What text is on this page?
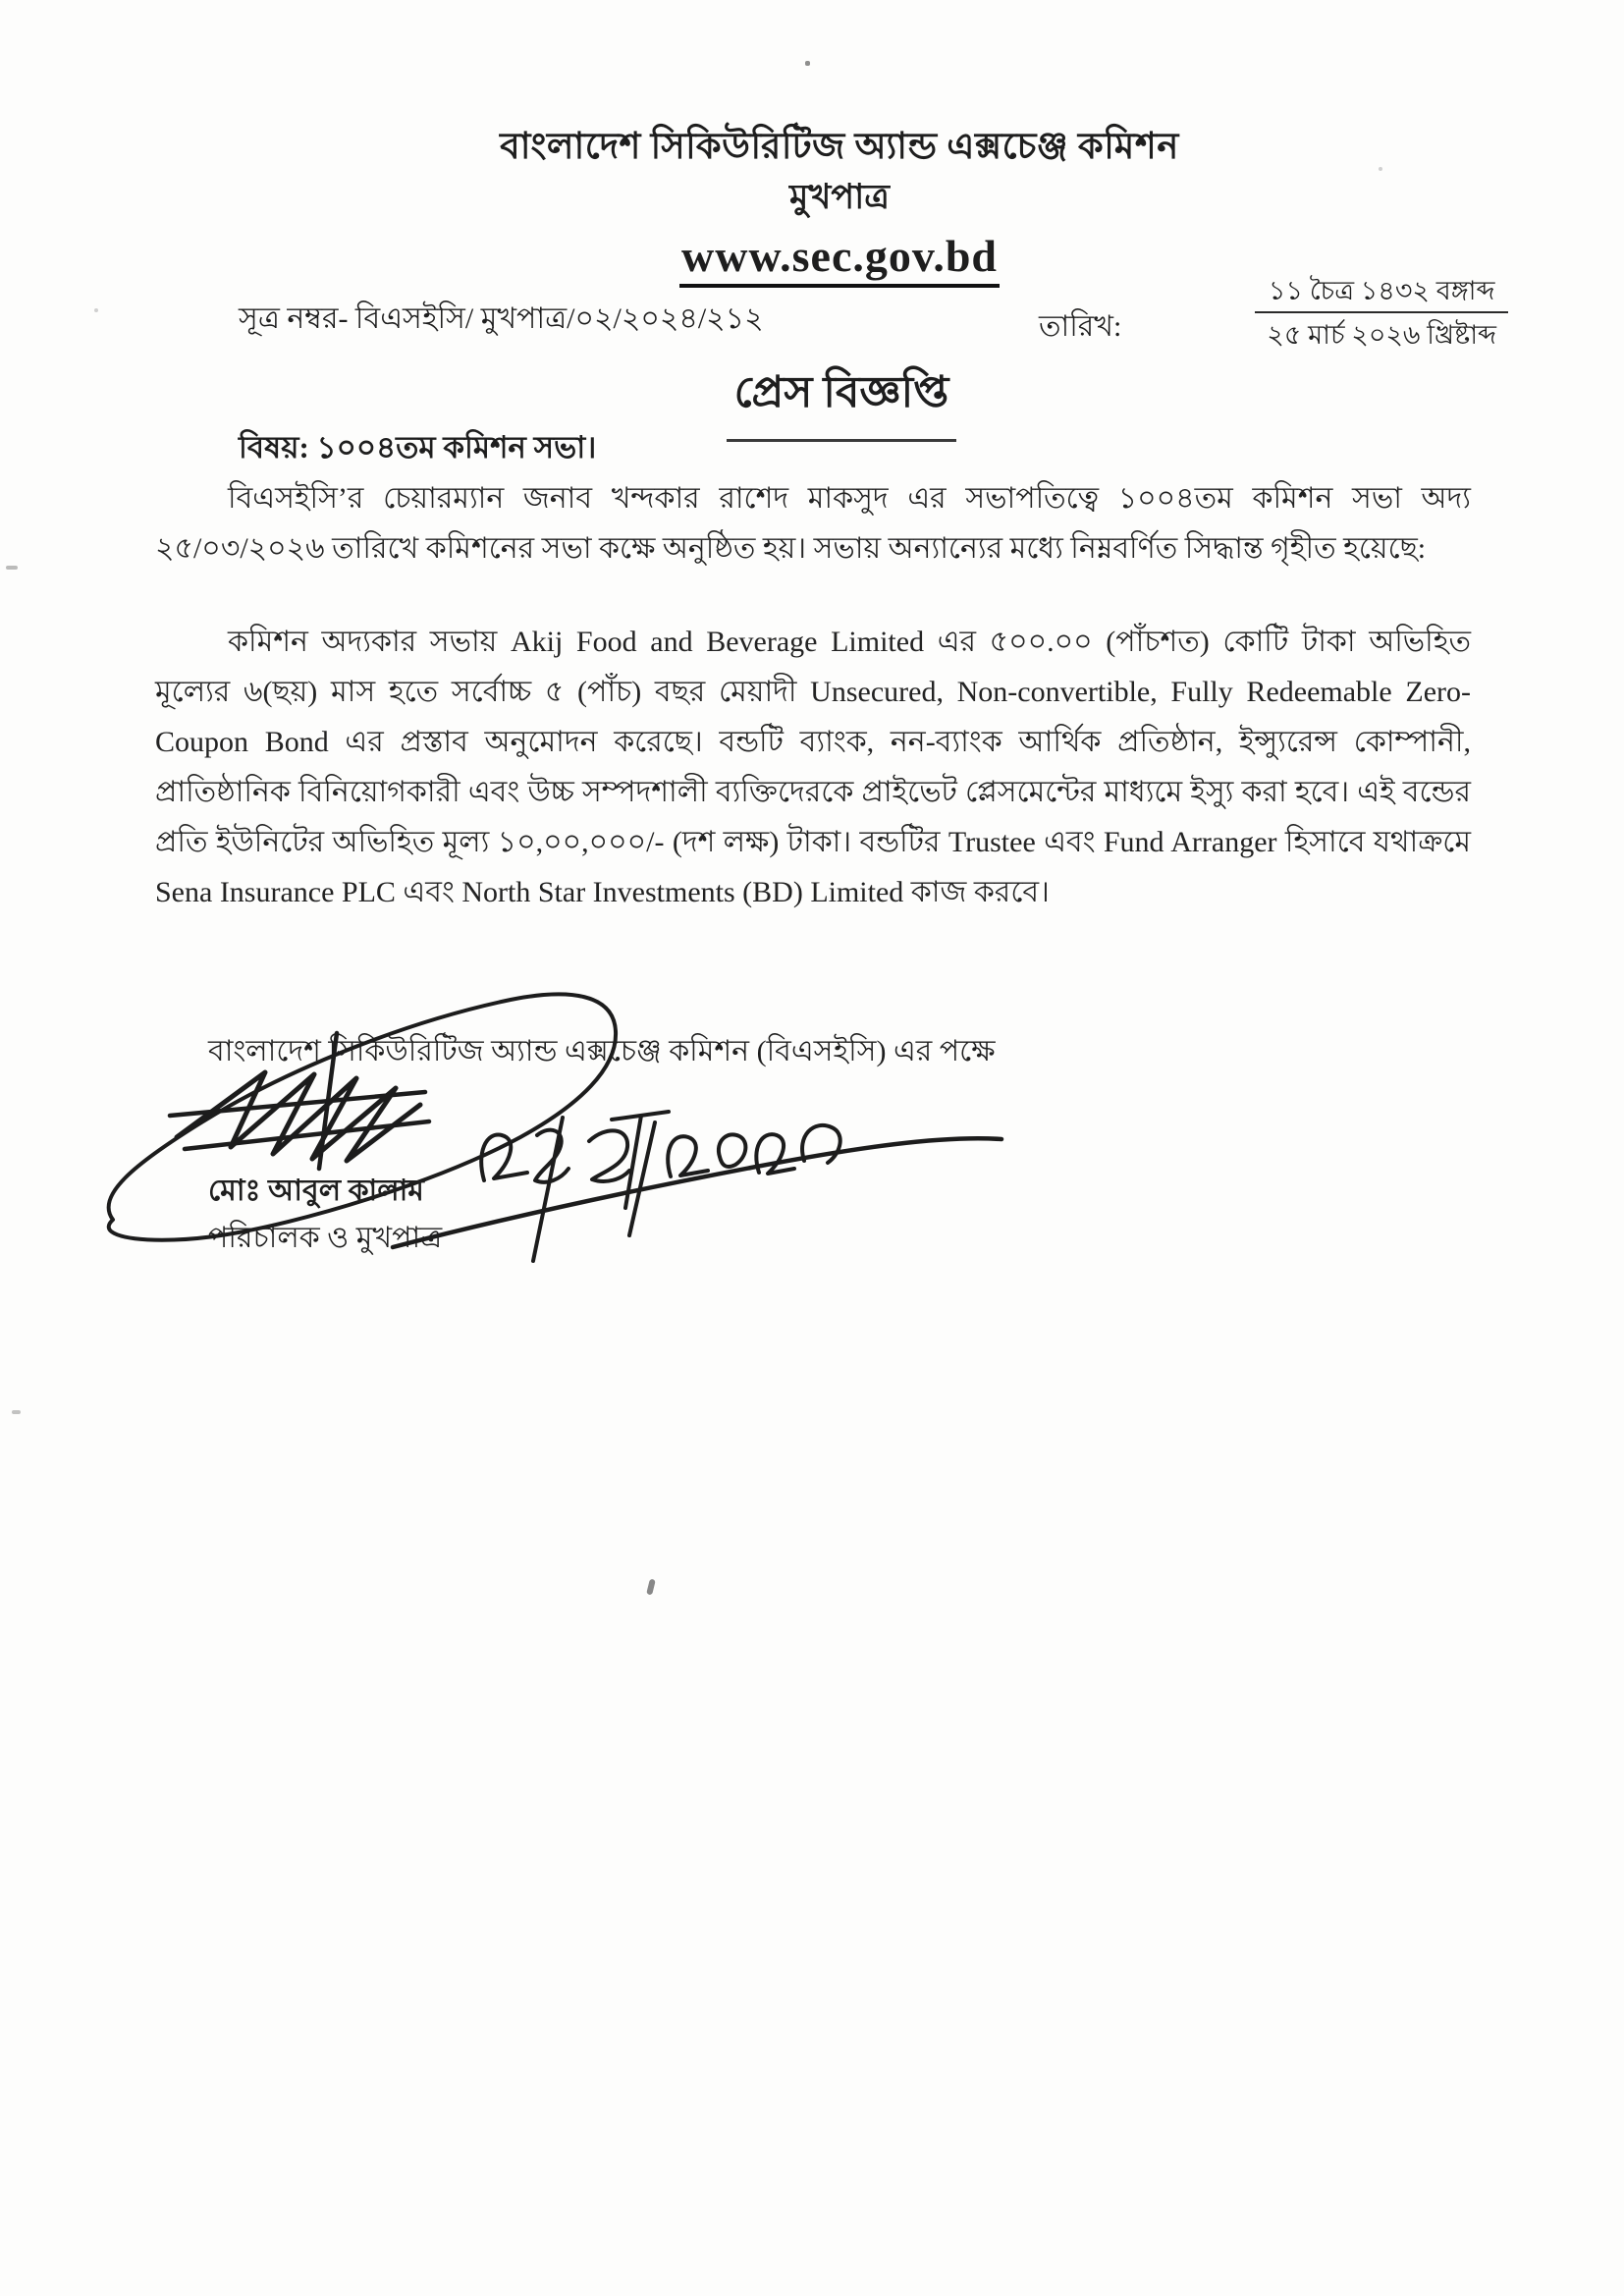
বাংলাদেশ সিকিউরিটিজ অ্যান্ড এক্সচেঞ্জ কমিশন
মুখপাত্র
www.sec.gov.bd
সূত্র নম্বর- বিএসইসি/ মুখপাত্র/০২/২০২৪/২১২	তারিখ: $\frac{\text{১১ চৈত্র ১৪৩২ বঙ্গাব্দ}}{\text{২৫ মার্চ ২০২৬ খ্রিষ্টাব্দ}}$
প্রেস বিজ্ঞপ্তি
বিষয়: ১০০৪তম কমিশন সভা।
বিএসইসি’র চেয়ারম্যান জনাব খন্দকার রাশেদ মাকসুদ এর সভাপতিত্বে ১০০৪তম কমিশন সভা অদ্য ২৫/০৩/২০২৬ তারিখে কমিশনের সভা কক্ষে অনুষ্ঠিত হয়। সভায় অন্যান্যের মধ্যে নিম্নবর্ণিত সিদ্ধান্ত গৃহীত হয়েছে:
কমিশন অদ্যকার সভায় Akij Food and Beverage Limited এর ৫০০.০০ (পাঁচশত) কোটি টাকা অভিহিত মূল্যের ৬(ছয়) মাস হতে সর্বোচ্চ ৫ (পাঁচ) বছর মেয়াদী Unsecured, Non-convertible, Fully Redeemable Zero-Coupon Bond এর প্রস্তাব অনুমোদন করেছে। বন্ডটি ব্যাংক, নন-ব্যাংক আর্থিক প্রতিষ্ঠান, ইন্স্যুরেন্স কোম্পানী, প্রাতিষ্ঠানিক বিনিয়োগকারী এবং উচ্চ সম্পদশালী ব্যক্তিদেরকে প্রাইভেট প্লেসমেন্টের মাধ্যমে ইস্যু করা হবে। এই বন্ডের প্রতি ইউনিটের অভিহিত মূল্য ১০,০০,০০০/- (দশ লক্ষ) টাকা। বন্ডটির Trustee এবং Fund Arranger হিসাবে যথাক্রমে Sena Insurance PLC এবং North Star Investments (BD) Limited কাজ করবে।
বাংলাদেশ সিকিউরিটিজ অ্যান্ড এক্সচেঞ্জ কমিশন (বিএসইসি) এর পক্ষে
মোঃ আবুল কালাম
পরিচালক ও মুখপাত্র
